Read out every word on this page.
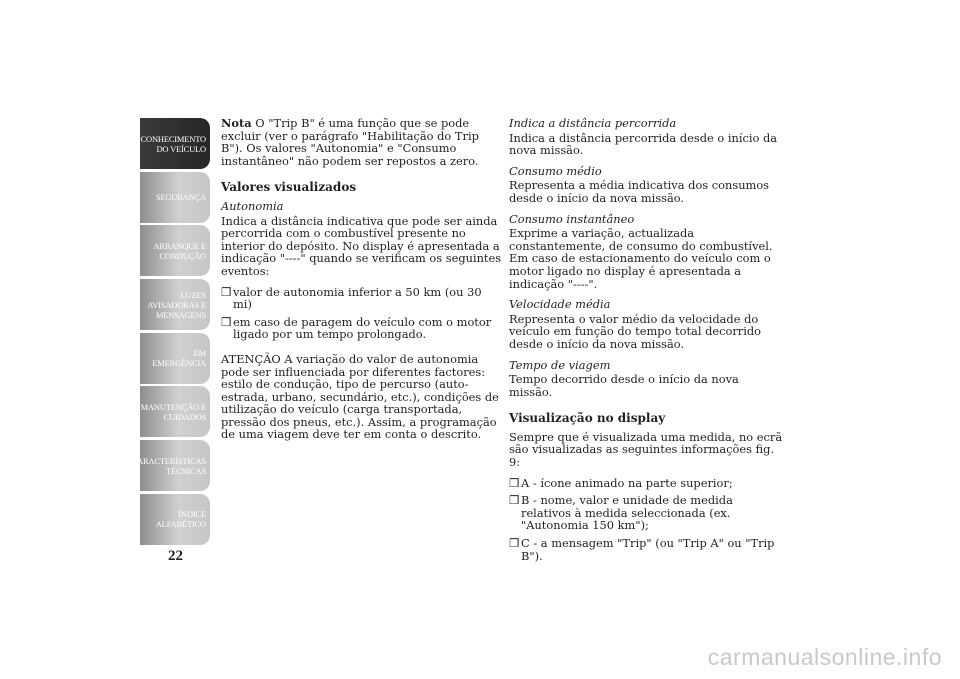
CONHECIMENTO
DO VEÍCULO
SEGURANÇA
ARRANQUE E
CONDUÇÃO
LUZES
AVISADORAS E
MENSAGENS
EM EMERGÊNCIA
MANUTENÇÃO E
CUIDADOS
CARACTERÍSTICAS
TÉCNICAS
ÍNDICE
ALFABÉTICO
22

Nota O "Trip B" é uma função que se pode excluir (ver o parágrafo "Habilitação do Trip B"). Os valores "Autonomia" e "Consumo instantâneo" não podem ser repostos a zero.

Valores visualizados

Autonomia

Indica a distância indicativa que pode ser ainda percorrida com o combustível presente no interior do depósito. No display é apresentada a indicação "----" quando se verificam os seguintes eventos:

❒ valor de autonomia inferior a 50 km (ou 30 mi)
❒ em caso de paragem do veículo com o motor ligado por um tempo prolongado.

ATENÇÃO A variação do valor de autonomia pode ser influenciada por diferentes factores: estilo de condução, tipo de percurso (auto-estrada, urbano, secundário, etc.), condições de utilização do veículo (carga transportada, pressão dos pneus, etc.). Assim, a programação de uma viagem deve ter em conta o descrito.

Indica a distância percorrida

Indica a distância percorrida desde o início da nova missão.

Consumo médio

Representa a média indicativa dos consumos desde o início da nova missão.

Consumo instantâneo

Exprime a variação, actualizada constantemente, de consumo do combustível. Em caso de estacionamento do veículo com o motor ligado no display é apresentada a indicação "----".

Velocidade média

Representa o valor médio da velocidade do veículo em função do tempo total decorrido desde o início da nova missão.

Tempo de viagem

Tempo decorrido desde o início da nova missão.

Visualização no display

Sempre que é visualizada uma medida, no ecrã são visualizadas as seguintes informações fig. 9:

❒ A - ícone animado na parte superior;
❒ B - nome, valor e unidade de medida relativos à medida seleccionada (ex. "Autonomia 150 km");
❒ C - a mensagem "Trip" (ou "Trip A" ou "Trip B").
carmanualsonline.info
